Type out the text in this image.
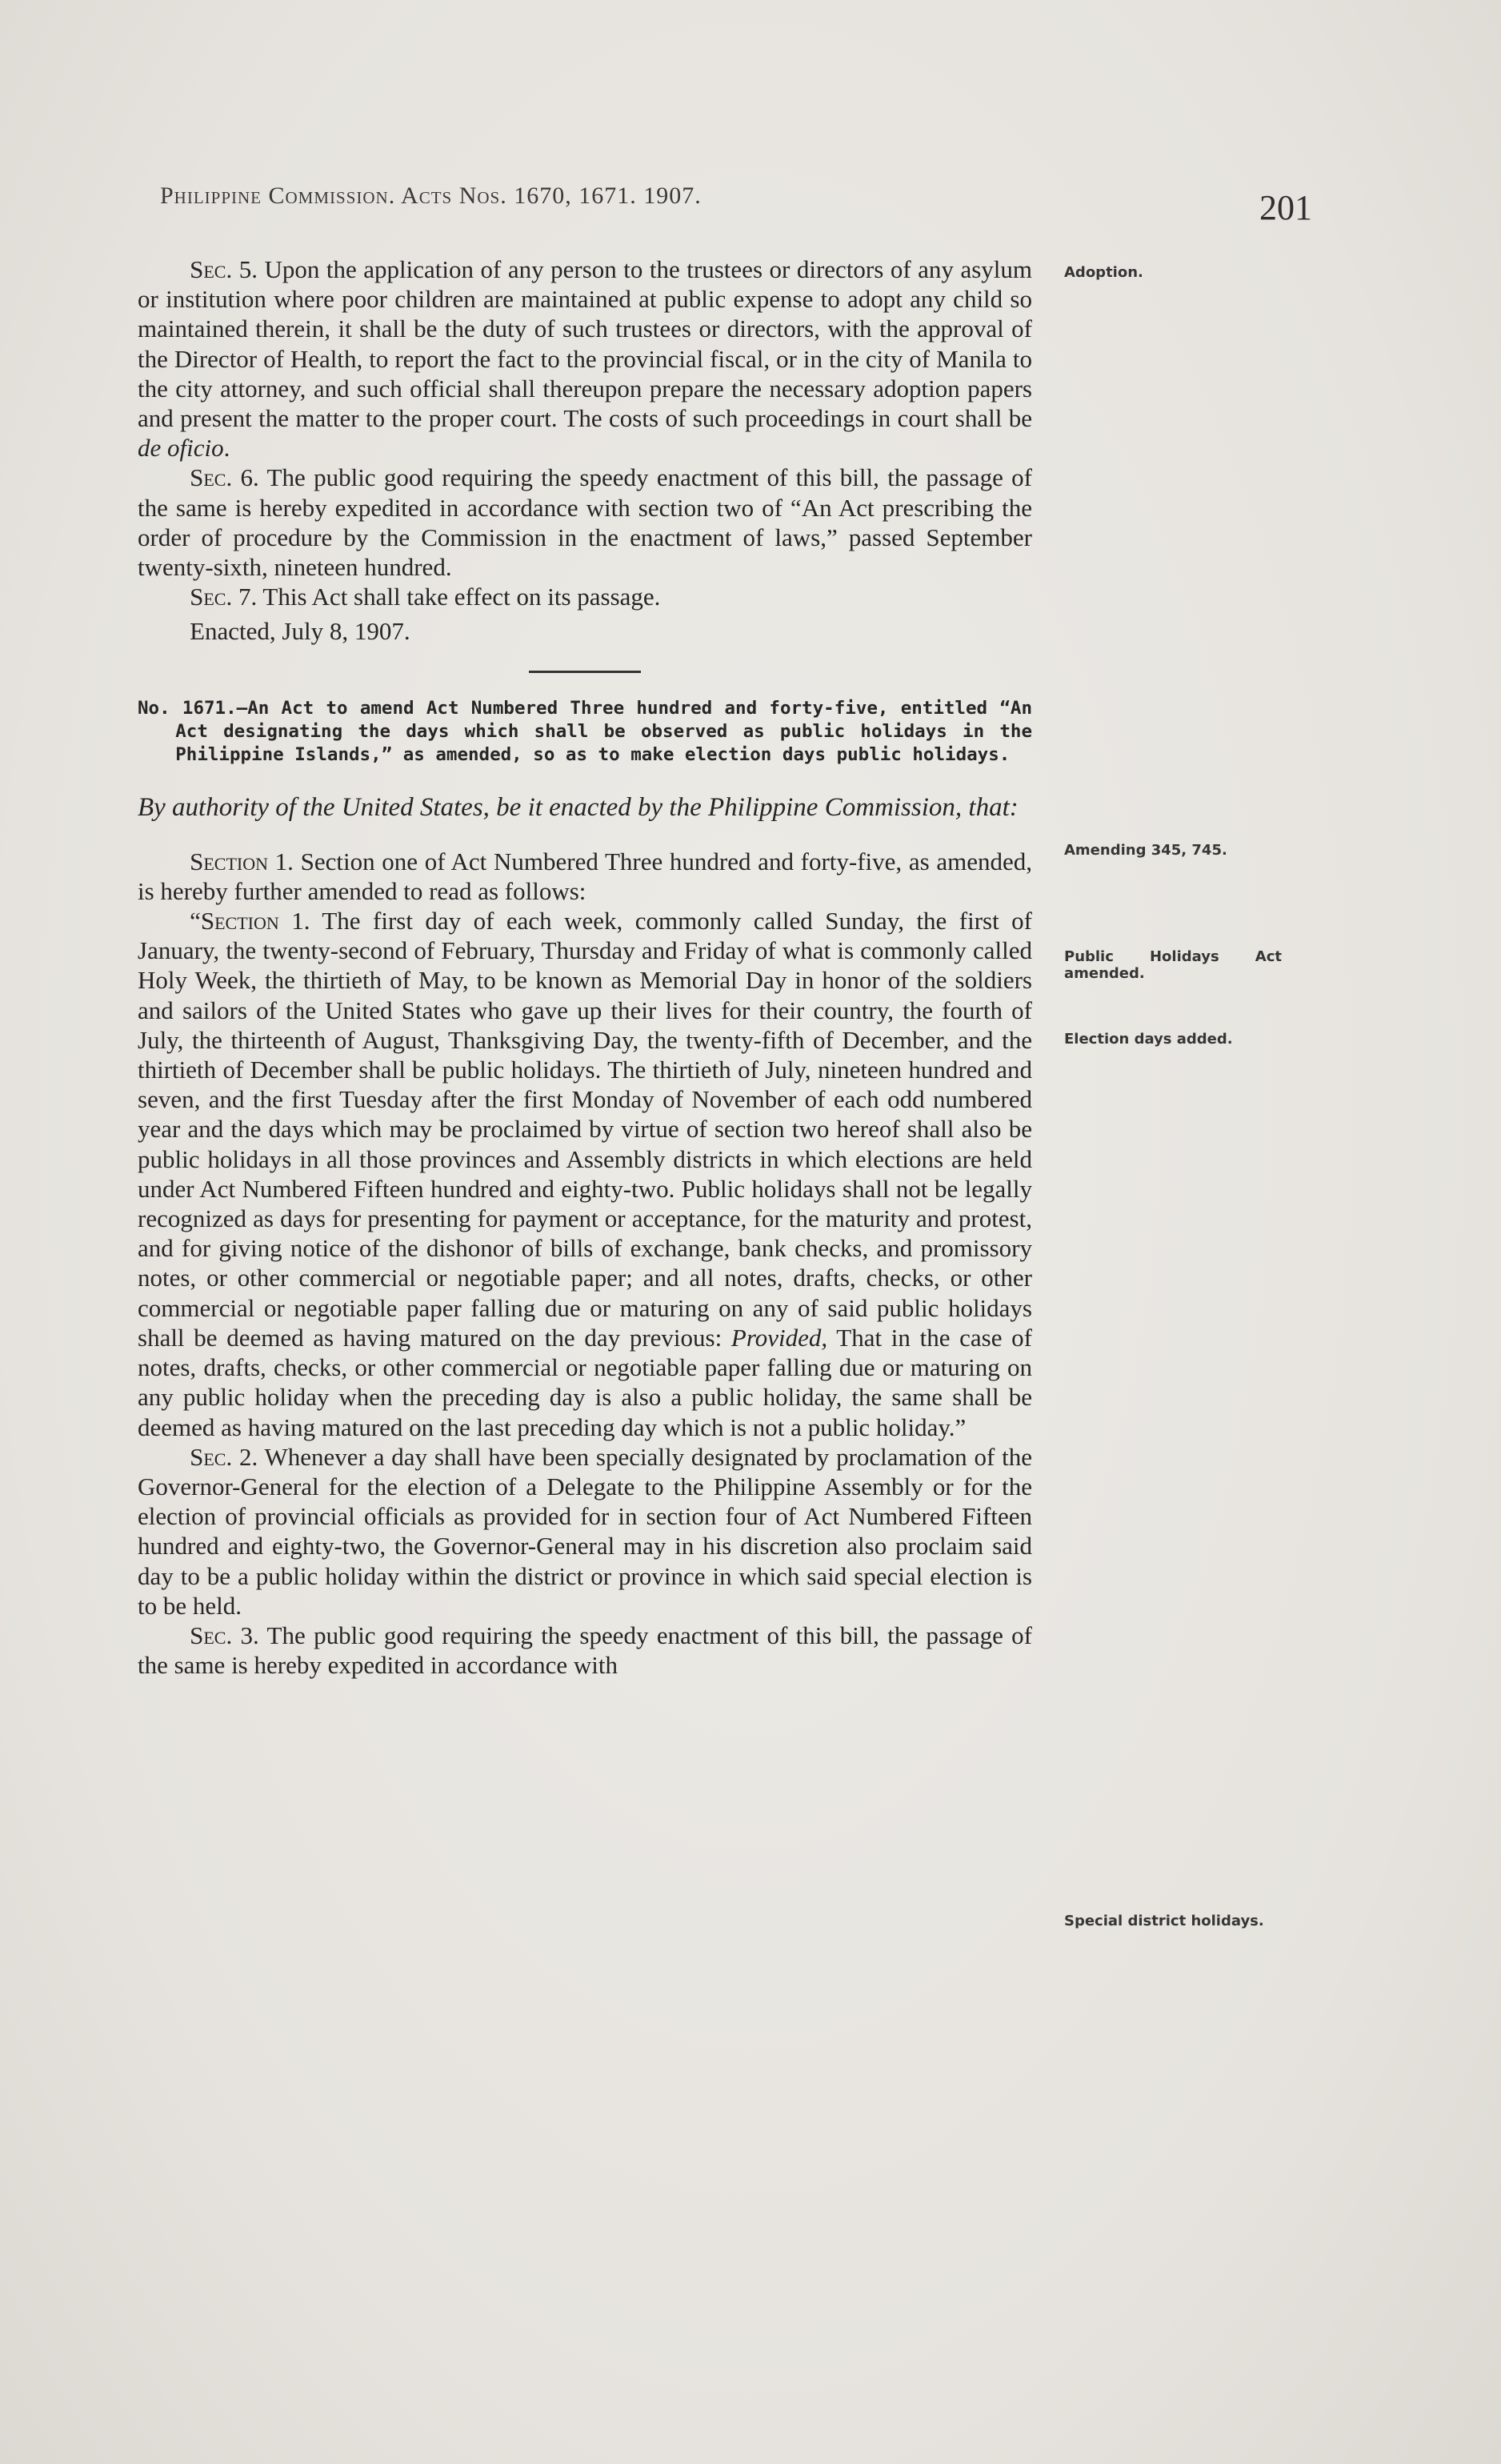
Philippine Commission. Acts Nos. 1670, 1671. 1907.	201

Sec. 5. Upon the application of any person to the trustees or directors of any asylum or institution where poor children are maintained at public expense to adopt any child so maintained therein, it shall be the duty of such trustees or directors, with the approval of the Director of Health, to report the fact to the provincial fiscal, or in the city of Manila to the city attorney, and such official shall thereupon prepare the necessary adoption papers and present the matter to the proper court. The costs of such proceedings in court shall be de oficio.

Sec. 6. The public good requiring the speedy enactment of this bill, the passage of the same is hereby expedited in accordance with section two of “An Act prescribing the order of procedure by the Commission in the enactment of laws,” passed September twenty-sixth, nineteen hundred.

Sec. 7. This Act shall take effect on its passage.

Enacted, July 8, 1907.

No. 1671.—An Act to amend Act Numbered Three hundred and forty-five, entitled “An Act designating the days which shall be observed as public holidays in the Philippine Islands,” as amended, so as to make election days public holidays.

By authority of the United States, be it enacted by the Philippine Commission, that:

Section 1. Section one of Act Numbered Three hundred and forty-five, as amended, is hereby further amended to read as follows:

“Section 1. The first day of each week, commonly called Sunday, the first of January, the twenty-second of February, Thursday and Friday of what is commonly called Holy Week, the thirtieth of May, to be known as Memorial Day in honor of the soldiers and sailors of the United States who gave up their lives for their country, the fourth of July, the thirteenth of August, Thanksgiving Day, the twenty-fifth of December, and the thirtieth of December shall be public holidays. The thirtieth of July, nineteen hundred and seven, and the first Tuesday after the first Monday of November of each odd numbered year and the days which may be proclaimed by virtue of section two hereof shall also be public holidays in all those provinces and Assembly districts in which elections are held under Act Numbered Fifteen hundred and eighty-two. Public holidays shall not be legally recognized as days for presenting for payment or acceptance, for the maturity and protest, and for giving notice of the dishonor of bills of exchange, bank checks, and promissory notes, or other commercial or negotiable paper; and all notes, drafts, checks, or other commercial or negotiable paper falling due or maturing on any of said public holidays shall be deemed as having matured on the day previous: Provided, That in the case of notes, drafts, checks, or other commercial or negotiable paper falling due or maturing on any public holiday when the preceding day is also a public holiday, the same shall be deemed as having matured on the last preceding day which is not a public holiday.”

Sec. 2. Whenever a day shall have been specially designated by proclamation of the Governor-General for the election of a Delegate to the Philippine Assembly or for the election of provincial officials as provided for in section four of Act Numbered Fifteen hundred and eighty-two, the Governor-General may in his discretion also proclaim said day to be a public holiday within the district or province in which said special election is to be held.

Sec. 3. The public good requiring the speedy enactment of this bill, the passage of the same is hereby expedited in accordance with

Adoption.
Amending 345, 745.
Public Holidays Act amended.
Election days added.
Special district holidays.
